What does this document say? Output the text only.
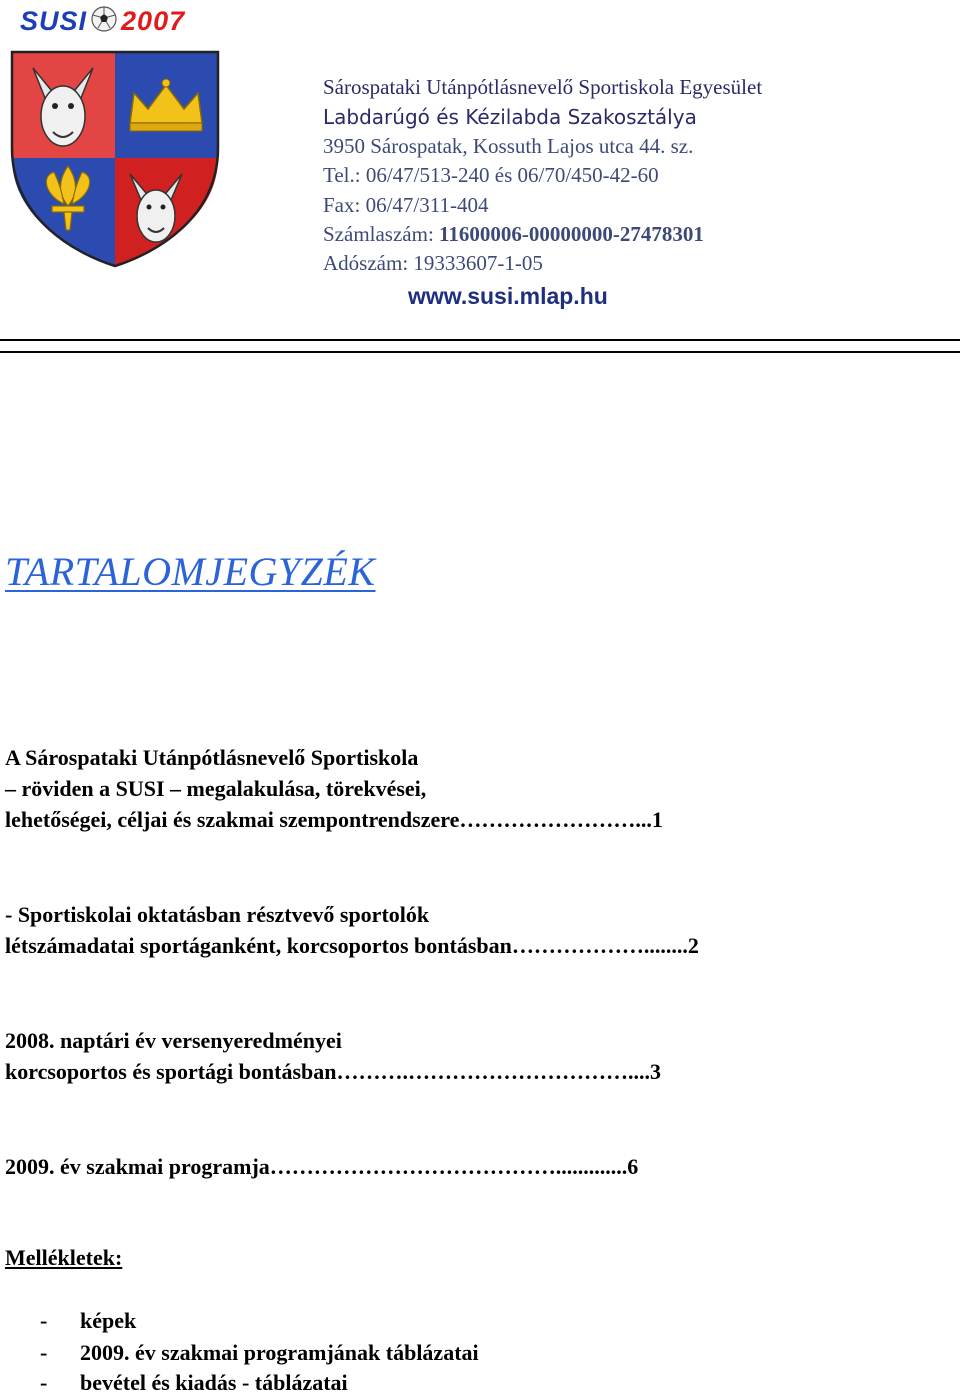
SUSI 2007
Sárospataki Utánpótlásnevelő Sportiskola Egyesület
Labdarúgó és Kézilabda Szakosztálya
3950 Sárospatak, Kossuth Lajos utca 44. sz.
Tel.: 06/47/513-240 és 06/70/450-42-60
Fax: 06/47/311-404
Számlaszám: 11600006-00000000-27478301
Adószám: 19333607-1-05
www.susi.mlap.hu
TARTALOMJEGYZÉK
A Sárospataki Utánpótlásnevelő Sportiskola
– röviden a SUSI – megalakulása, törekvései,
lehetőségei, céljai és szakmai szempontrendszere……………………...1
- Sportiskolai oktatásban résztvevő sportolók
létszámadatai sportáganként, korcsoportos bontásban………………........2
2008. naptári év versenyeredményei
korcsoportos és sportági bontásban……….…………………………....3
2009. év szakmai programja………………………………….............6
Mellékletek:
- képek
- 2009. év szakmai programjának táblázatai
- bevétel és kiadás - táblázatai
